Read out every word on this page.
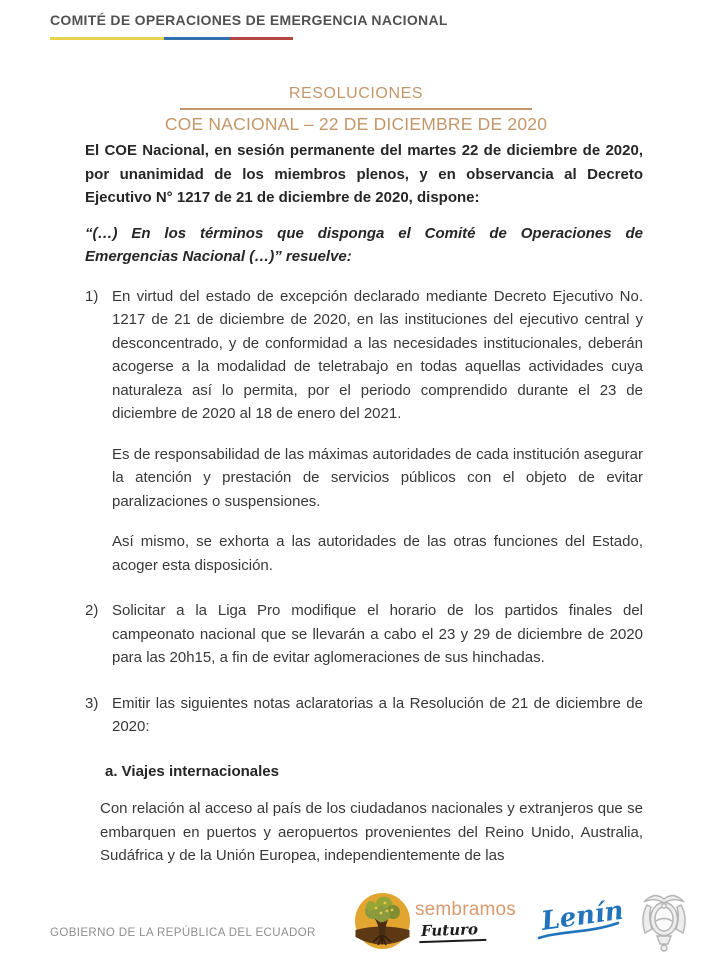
COMITÉ DE OPERACIONES DE EMERGENCIA NACIONAL
RESOLUCIONES
COE NACIONAL – 22 DE DICIEMBRE DE 2020

El COE Nacional, en sesión permanente del martes 22 de diciembre de 2020, por unanimidad de los miembros plenos, y en observancia al Decreto Ejecutivo N° 1217 de 21 de diciembre de 2020, dispone:

“(…) En los términos que disponga el Comité de Operaciones de Emergencias Nacional (…)” resuelve:

1) En virtud del estado de excepción declarado mediante Decreto Ejecutivo No. 1217 de 21 de diciembre de 2020, en las instituciones del ejecutivo central y desconcentrado, y de conformidad a las necesidades institucionales, deberán acogerse a la modalidad de teletrabajo en todas aquellas actividades cuya naturaleza así lo permita, por el periodo comprendido durante el 23 de diciembre de 2020 al 18 de enero del 2021.

Es de responsabilidad de las máximas autoridades de cada institución asegurar la atención y prestación de servicios públicos con el objeto de evitar paralizaciones o suspensiones.

Así mismo, se exhorta a las autoridades de las otras funciones del Estado, acoger esta disposición.

2) Solicitar a la Liga Pro modifique el horario de los partidos finales del campeonato nacional que se llevarán a cabo el 23 y 29 de diciembre de 2020 para las 20h15, a fin de evitar aglomeraciones de sus hinchadas.

3) Emitir las siguientes notas aclaratorias a la Resolución de 21 de diciembre de 2020:

a. Viajes internacionales

Con relación al acceso al país de los ciudadanos nacionales y extranjeros que se embarquen en puertos y aeropuertos provenientes del Reino Unido, Australia, Sudáfrica y de la Unión Europea, independientemente de las

GOBIERNO DE LA REPÚBLICA DEL ECUADOR
sembramos
Futuro	Lenín
